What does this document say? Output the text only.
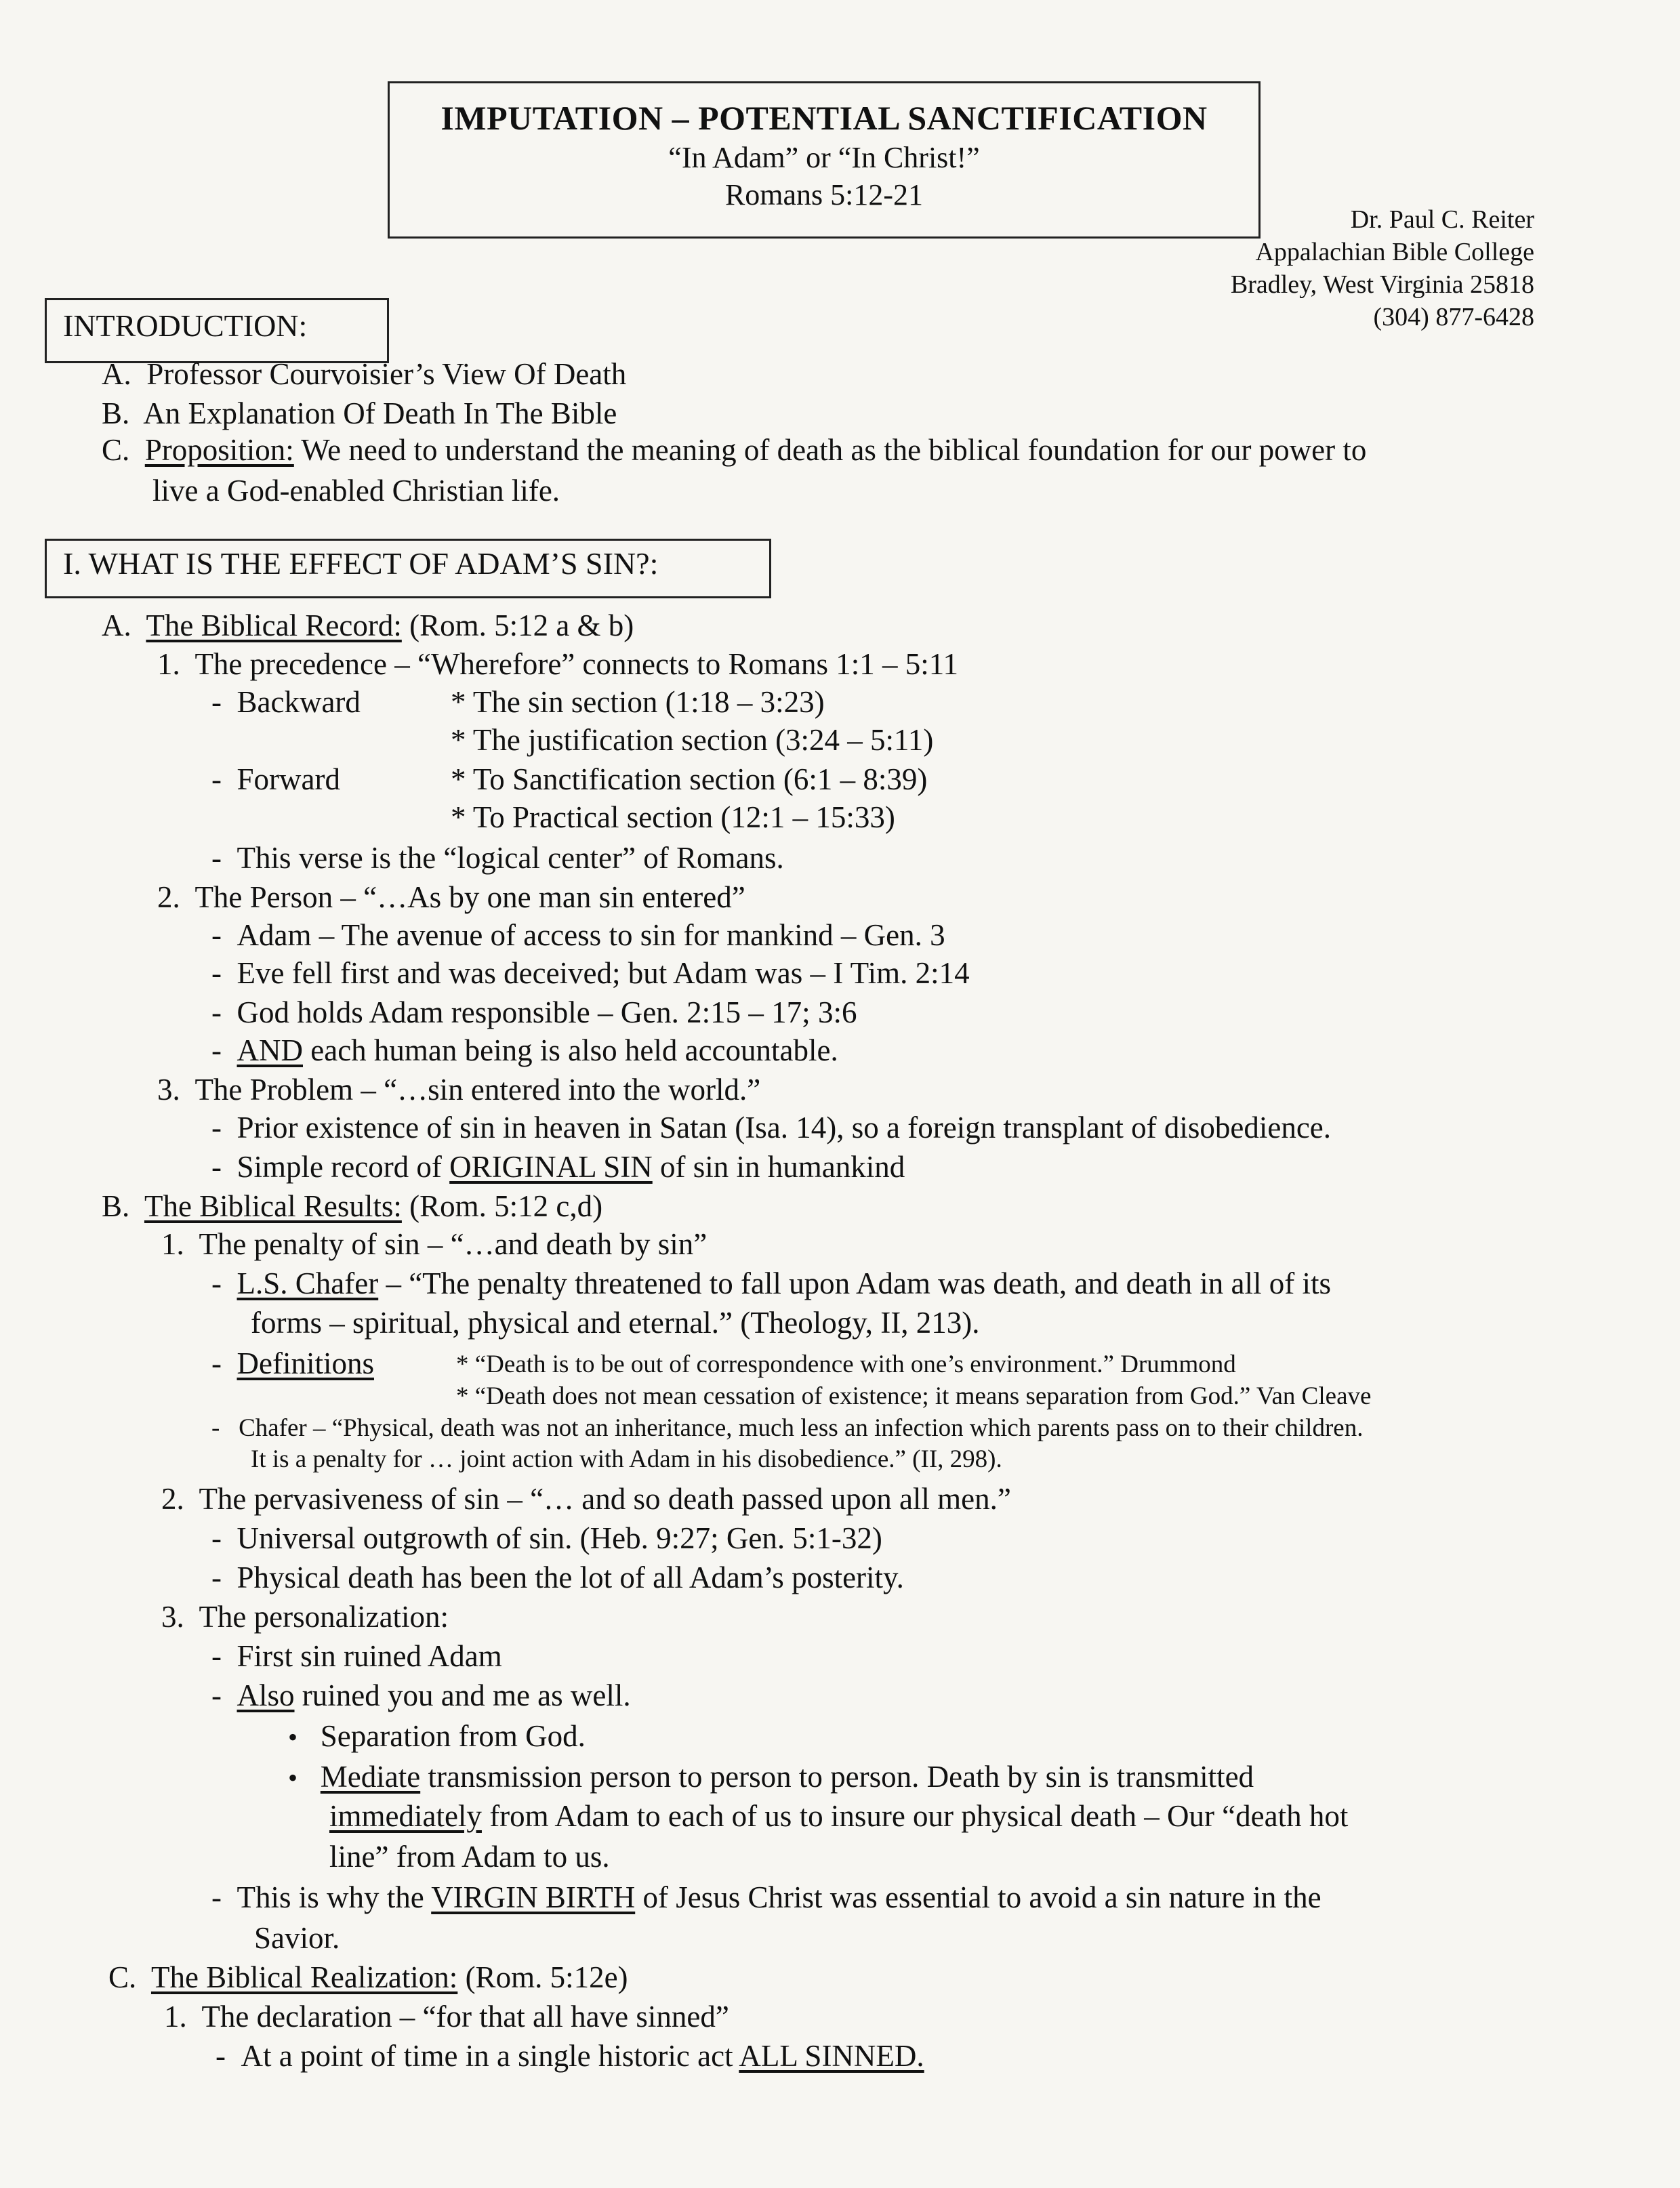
IMPUTATION – POTENTIAL SANCTIFICATION
“In Adam” or “In Christ!”
Romans 5:12-21
Dr. Paul C. Reiter
Appalachian Bible College
Bradley, West Virginia 25818
(304) 877-6428
INTRODUCTION:
A. Professor Courvoisier’s View Of Death
B. An Explanation Of Death In The Bible
C. Proposition: We need to understand the meaning of death as the biblical foundation for our power to
live a God-enabled Christian life.
I. WHAT IS THE EFFECT OF ADAM’S SIN?:
A. The Biblical Record: (Rom. 5:12 a & b)
1. The precedence – “Wherefore” connects to Romans 1:1 – 5:11
- Backward	* The sin section (1:18 – 3:23)
* The justification section (3:24 – 5:11)
- Forward	* To Sanctification section (6:1 – 8:39)
* To Practical section (12:1 – 15:33)
- This verse is the “logical center” of Romans.
2. The Person – “…As by one man sin entered”
- Adam – The avenue of access to sin for mankind – Gen. 3
- Eve fell first and was deceived; but Adam was – I Tim. 2:14
- God holds Adam responsible – Gen. 2:15 – 17; 3:6
- AND each human being is also held accountable.
3. The Problem – “…sin entered into the world.”
- Prior existence of sin in heaven in Satan (Isa. 14), so a foreign transplant of disobedience.
- Simple record of ORIGINAL SIN of sin in humankind
B. The Biblical Results: (Rom. 5:12 c,d)
1. The penalty of sin – “…and death by sin”
- L.S. Chafer – “The penalty threatened to fall upon Adam was death, and death in all of its
forms – spiritual, physical and eternal.” (Theology, II, 213).
- Definitions	* “Death is to be out of correspondence with one’s environment.” Drummond
* “Death does not mean cessation of existence; it means separation from God.” Van Cleave
- Chafer – “Physical, death was not an inheritance, much less an infection which parents pass on to their children.
It is a penalty for … joint action with Adam in his disobedience.” (II, 298).
2. The pervasiveness of sin – “… and so death passed upon all men.”
- Universal outgrowth of sin. (Heb. 9:27; Gen. 5:1-32)
- Physical death has been the lot of all Adam’s posterity.
3. The personalization:
- First sin ruined Adam
- Also ruined you and me as well.
• Separation from God.
• Mediate transmission person to person to person. Death by sin is transmitted
immediately from Adam to each of us to insure our physical death – Our “death hot
line” from Adam to us.
- This is why the VIRGIN BIRTH of Jesus Christ was essential to avoid a sin nature in the
Savior.
C. The Biblical Realization: (Rom. 5:12e)
1. The declaration – “for that all have sinned”
- At a point of time in a single historic act ALL SINNED.
